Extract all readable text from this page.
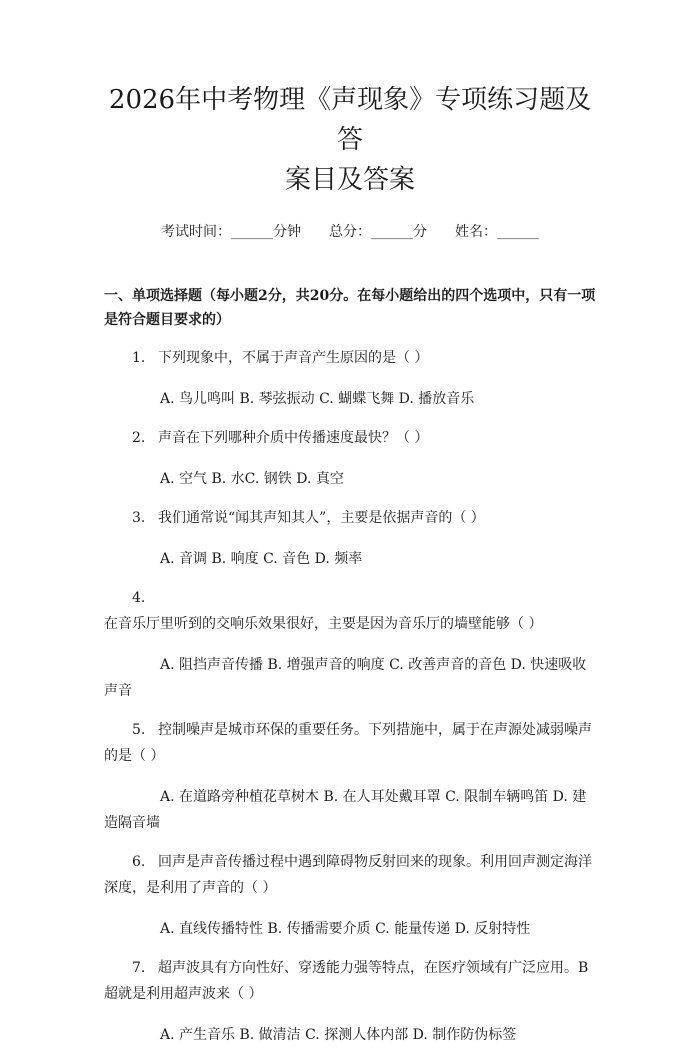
2026年中考物理《声现象》专项练习题及答
案目及答案
考试时间：______分钟 总分：______分 姓名：______
一、单项选择题（每小题2分，共20分。在每小题给出的四个选项中，只有一项是符合题目要求的）
1. 下列现象中，不属于声音产生原因的是（ ）
A. 鸟儿鸣叫 B. 琴弦振动 C. 蝴蝶飞舞 D. 播放音乐
2. 声音在下列哪种介质中传播速度最快？（ ）
A. 空气 B. 水C. 钢铁 D. 真空
3. 我们通常说“闻其声知其人”，主要是依据声音的（ ）
A. 音调 B. 响度 C. 音色 D. 频率
4.在音乐厅里听到的交响乐效果很好，主要是因为音乐厅的墙壁能够（ ）
A. 阻挡声音传播 B. 增强声音的响度 C. 改善声音的音色 D. 快速吸收声音
5. 控制噪声是城市环保的重要任务。下列措施中，属于在声源处减弱噪声的是（ ）
A. 在道路旁种植花草树木 B. 在人耳处戴耳罩 C. 限制车辆鸣笛 D. 建造隔音墙
6. 回声是声音传播过程中遇到障碍物反射回来的现象。利用回声测定海洋深度，是利用了声音的（ ）
A. 直线传播特性 B. 传播需要介质 C. 能量传递 D. 反射特性
7. 超声波具有方向性好、穿透能力强等特点，在医疗领域有广泛应用。B超就是利用超声波来（ ）
A. 产生音乐 B. 做清洁 C. 探测人体内部 D. 制作防伪标签
